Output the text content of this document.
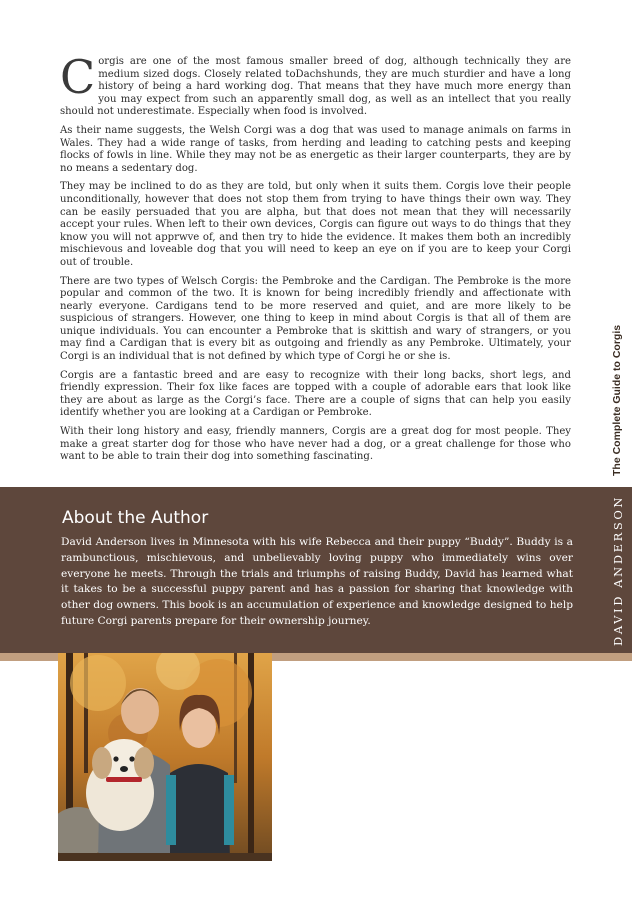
Corgis are one of the most famous smaller breed of dog, although technically they are medium sized dogs. Closely related toDachshunds, they are much sturdier and have a long history of being a hard working dog. That means that they have much more energy than you may expect from such an apparently small dog, as well as an intellect that you really should not underestimate. Especially when food is involved.

As their name suggests, the Welsh Corgi was a dog that was used to manage animals on farms in Wales. They had a wide range of tasks, from herding and leading to catching pests and keeping flocks of fowls in line. While they may not be as energetic as their larger counterparts, they are by no means a sedentary dog.

They may be inclined to do as they are told, but only when it suits them. Corgis love their people unconditionally, however that does not stop them from trying to have things their own way. They can be easily persuaded that you are alpha, but that does not mean that they will necessarily accept your rules. When left to their own devices, Corgis can figure out ways to do things that they know you will not apprwve of, and then try to hide the evidence. It makes them both an incredibly mischievous and loveable dog that you will need to keep an eye on if you are to keep your Corgi out of trouble.

There are two types of Welsch Corgis: the Pembroke and the Cardigan. The Pembroke is the more popular and common of the two. It is known for being incredibly friendly and affectionate with nearly everyone. Cardigans tend to be more reserved and quiet, and are more likely to be suspicious of strangers. However, one thing to keep in mind about Corgis is that all of them are unique individuals. You can encounter a Pembroke that is skittish and wary of strangers, or you may find a Cardigan that is every bit as outgoing and friendly as any Pembroke. Ultimately, your Corgi is an individual that is not defined by which type of Corgi he or she is.

Corgis are a fantastic breed and are easy to recognize with their long backs, short legs, and friendly expression. Their fox like faces are topped with a couple of adorable ears that look like they are about as large as the Corgi’s face. There are a couple of signs that can help you easily identify whether you are looking at a Cardigan or Pembroke.

With their long history and easy, friendly manners, Corgis are a great dog for most people. They make a great starter dog for those who have never had a dog, or a great challenge for those who want to be able to train their dog into something fascinating.	The Complete Guide to Corgis
About the Author

David Anderson lives in Minnesota with his wife Rebecca and their puppy “Buddy”. Buddy is a rambunctious, mischievous, and unbelievably loving puppy who immediately wins over everyone he meets. Through the trials and triumphs of raising Buddy, David has learned what it takes to be a successful puppy parent and has a passion for sharing that knowledge with other dog owners. This book is an accumulation of experience and knowledge designed to help future Corgi parents prepare for their ownership journey.	DAVID ANDERSON
